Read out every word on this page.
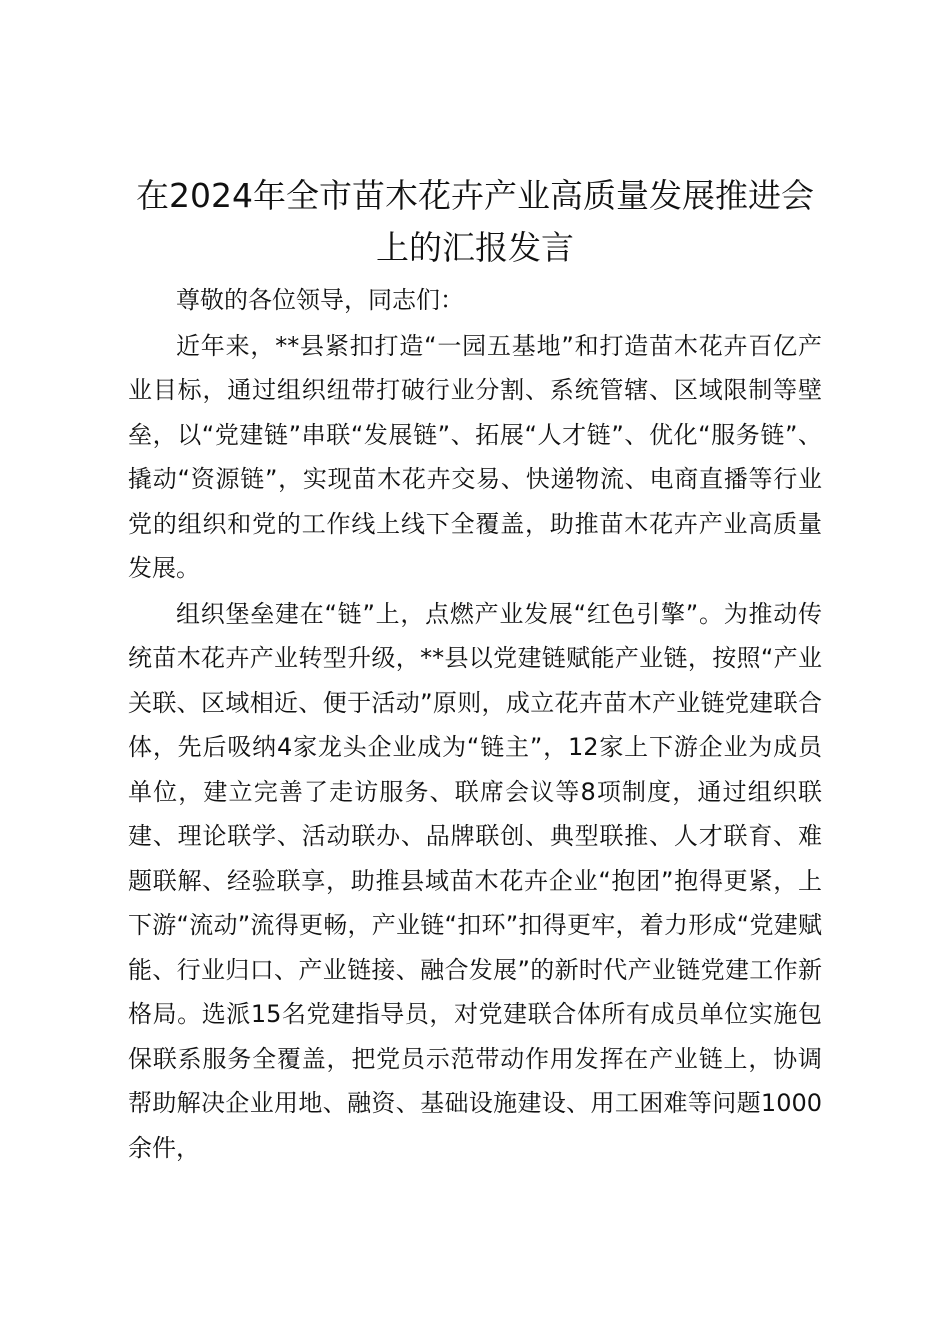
在2024年全市苗木花卉产业高质量发展推进会上的汇报发言

尊敬的各位领导，同志们：

近年来，**县紧扣打造“一园五基地”和打造苗木花卉百亿产业目标，通过组织纽带打破行业分割、系统管辖、区域限制等壁垒，以“党建链”串联“发展链”、拓展“人才链”、优化“服务链”、撬动“资源链”，实现苗木花卉交易、快递物流、电商直播等行业党的组织和党的工作线上线下全覆盖，助推苗木花卉产业高质量发展。

组织堡垒建在“链”上，点燃产业发展“红色引擎”。为推动传统苗木花卉产业转型升级，**县以党建链赋能产业链，按照“产业关联、区域相近、便于活动”原则，成立花卉苗木产业链党建联合体，先后吸纳4家龙头企业成为“链主”，12家上下游企业为成员单位，建立完善了走访服务、联席会议等8项制度，通过组织联建、理论联学、活动联办、品牌联创、典型联推、人才联育、难题联解、经验联享，助推县域苗木花卉企业“抱团”抱得更紧，上下游“流动”流得更畅，产业链“扣环”扣得更牢，着力形成“党建赋能、行业归口、产业链接、融合发展”的新时代产业链党建工作新格局。选派15名党建指导员，对党建联合体所有成员单位实施包保联系服务全覆盖，把党员示范带动作用发挥在产业链上，协调帮助解决企业用地、融资、基础设施建设、用工困难等问题1000余件，
